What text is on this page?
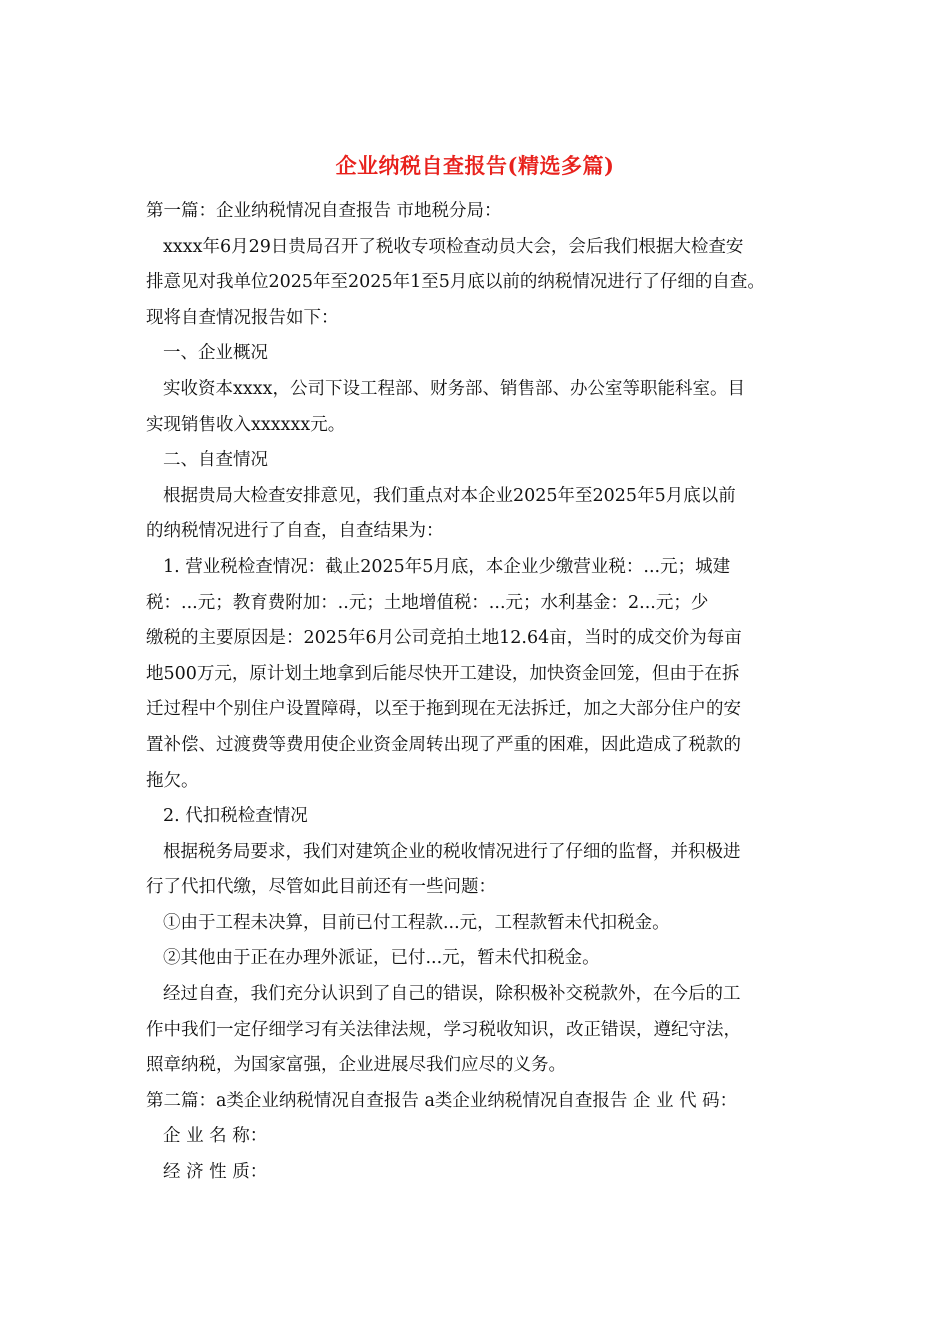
企业纳税自查报告(精选多篇)
第一篇：企业纳税情况自查报告 市地税分局：
xxxx年6月29日贵局召开了税收专项检查动员大会，会后我们根据大检查安
排意见对我单位2025年至2025年1至5月底以前的纳税情况进行了仔细的自查。
现将自查情况报告如下：
一、企业概况
实收资本xxxx，公司下设工程部、财务部、销售部、办公室等职能科室。目
实现销售收入xxxxxx元。
二、自查情况
根据贵局大检查安排意见，我们重点对本企业2025年至2025年5月底以前
的纳税情况进行了自查，自查结果为：
1. 营业税检查情况：截止2025年5月底，本企业少缴营业税：...元；城建
税：...元；教育费附加：..元；土地增值税：...元；水利基金：2...元；少
缴税的主要原因是：2025年6月公司竞拍土地12.64亩，当时的成交价为每亩
地500万元，原计划土地拿到后能尽快开工建设，加快资金回笼，但由于在拆
迁过程中个别住户设置障碍，以至于拖到现在无法拆迁，加之大部分住户的安
置补偿、过渡费等费用使企业资金周转出现了严重的困难，因此造成了税款的
拖欠。
2. 代扣税检查情况
根据税务局要求，我们对建筑企业的税收情况进行了仔细的监督，并积极进
行了代扣代缴，尽管如此目前还有一些问题：
①由于工程未决算，目前已付工程款...元，工程款暂未代扣税金。
②其他由于正在办理外派证，已付...元，暂未代扣税金。
经过自查，我们充分认识到了自己的错误，除积极补交税款外，在今后的工
作中我们一定仔细学习有关法律法规，学习税收知识，改正错误，遵纪守法，
照章纳税，为国家富强，企业进展尽我们应尽的义务。
第二篇：a类企业纳税情况自查报告 a类企业纳税情况自查报告 企 业 代 码：
企 业 名 称：
经 济 性 质：
